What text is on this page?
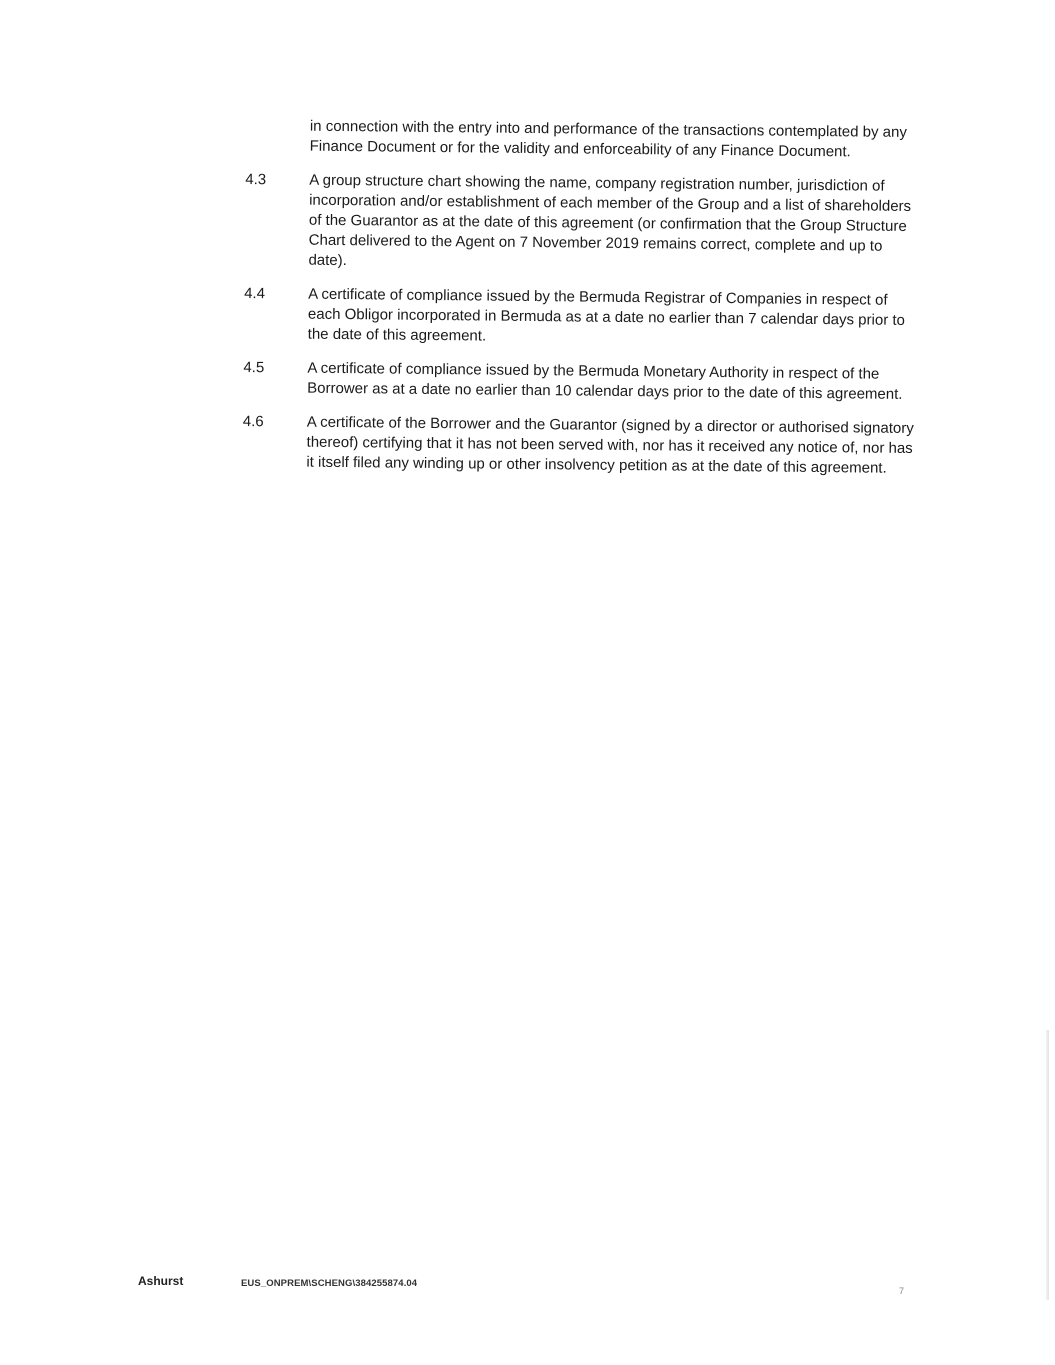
in connection with the entry into and performance of the transactions contemplated by any Finance Document or for the validity and enforceability of any Finance Document.
4.3	A group structure chart showing the name, company registration number, jurisdiction of incorporation and/or establishment of each member of the Group and a list of shareholders of the Guarantor as at the date of this agreement (or confirmation that the Group Structure Chart delivered to the Agent on 7 November 2019 remains correct, complete and up to date).
4.4	A certificate of compliance issued by the Bermuda Registrar of Companies in respect of each Obligor incorporated in Bermuda as at a date no earlier than 7 calendar days prior to the date of this agreement.
4.5	A certificate of compliance issued by the Bermuda Monetary Authority in respect of the Borrower as at a date no earlier than 10 calendar days prior to the date of this agreement.
4.6	A certificate of the Borrower and the Guarantor (signed by a director or authorised signatory thereof) certifying that it has not been served with, nor has it received any notice of, nor has it itself filed any winding up or other insolvency petition as at the date of this agreement.
Ashurst	EUS_ONPREM\SCHENG\384255874.04
7
